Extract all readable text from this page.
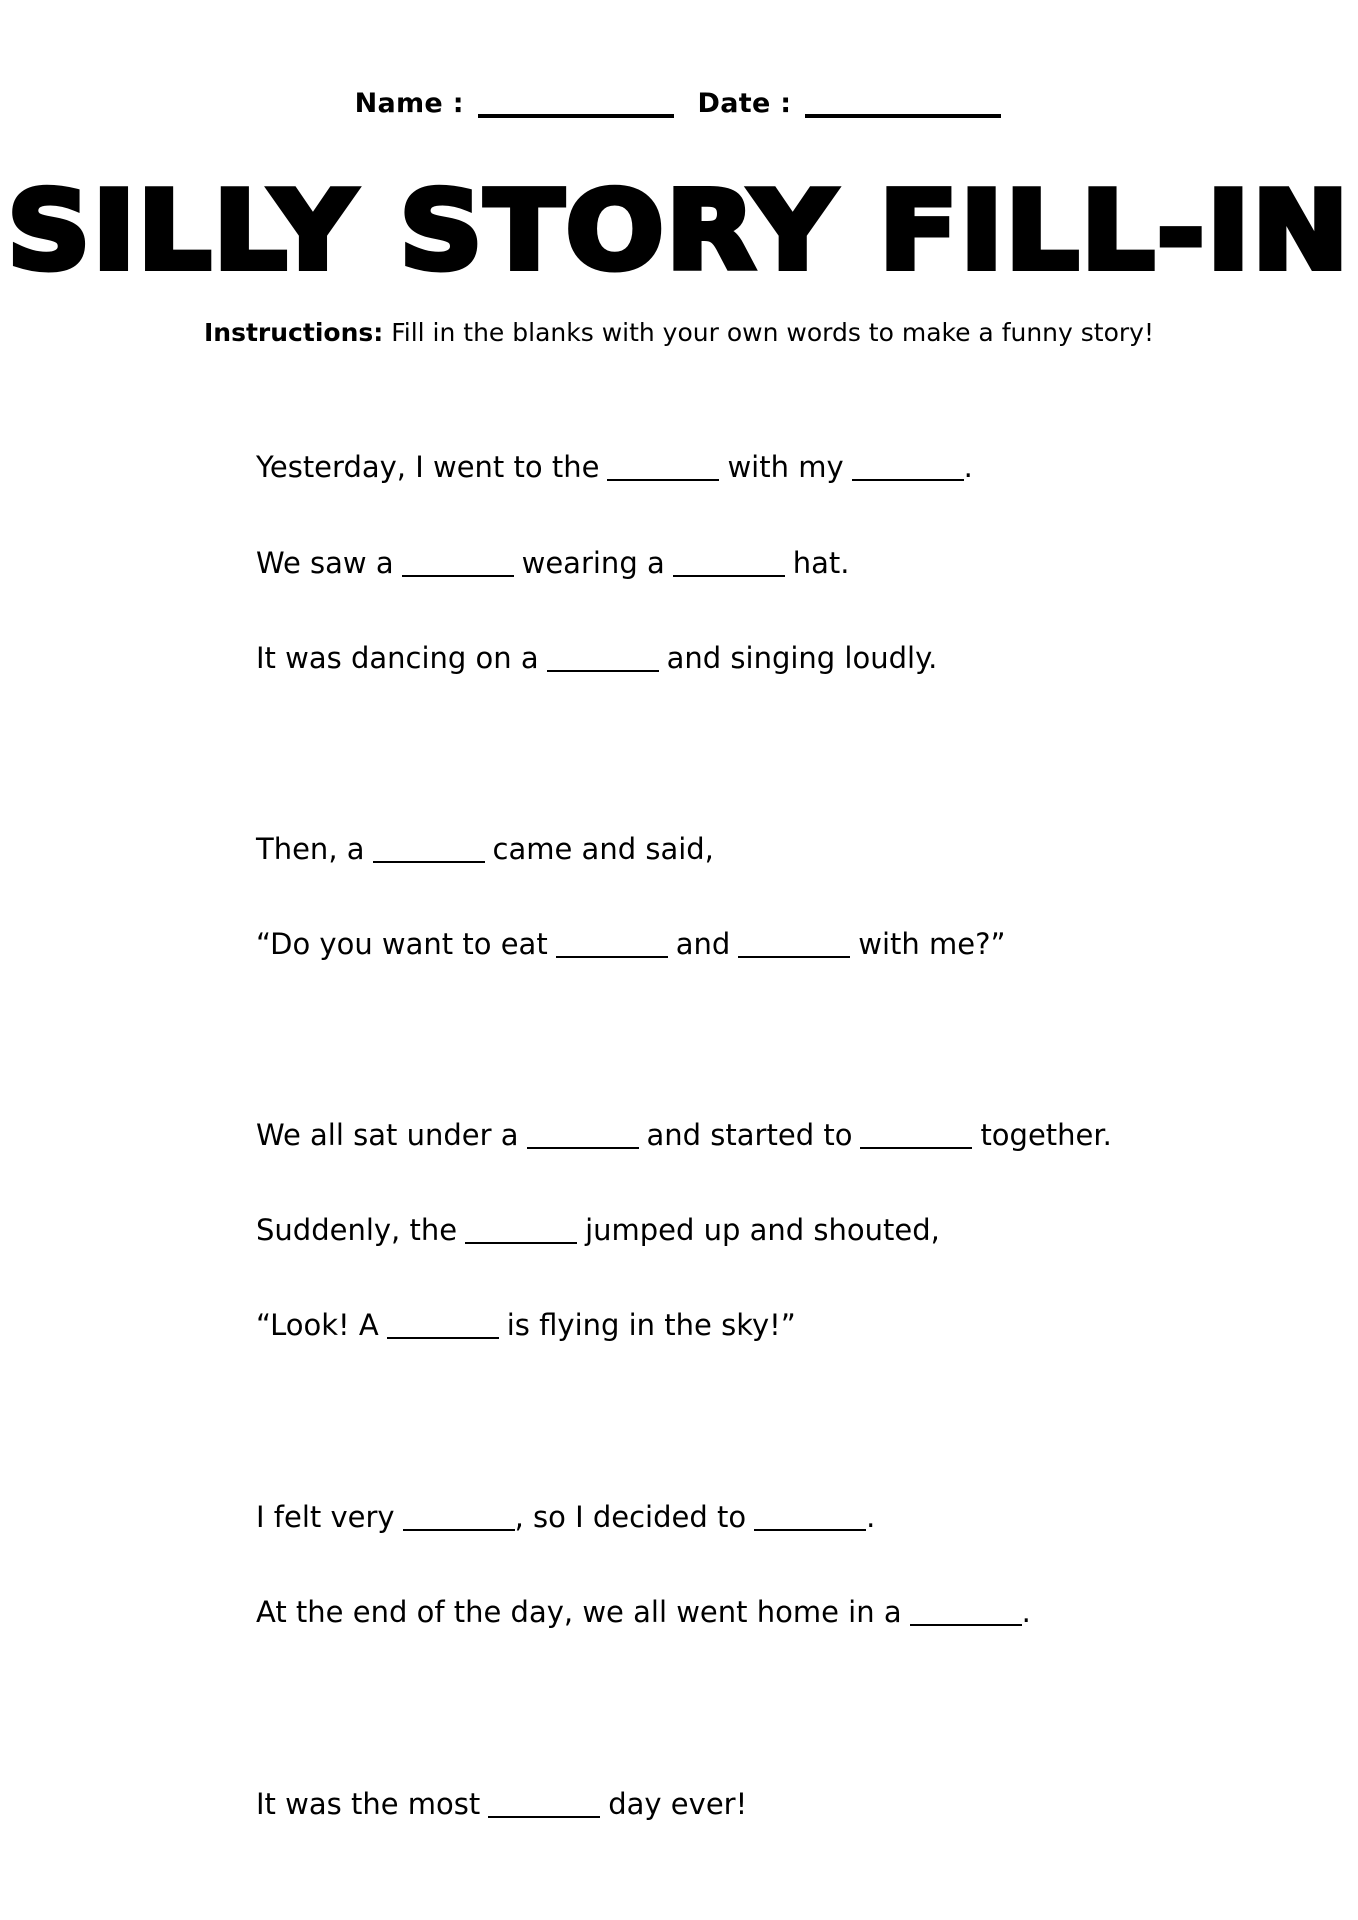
Name :	Date :
SILLY STORY FILL-IN
Instructions: Fill in the blanks with your own words to make a funny story!
Yesterday, I went to the	with my	.
We saw a	wearing a	hat.
It was dancing on a	and singing loudly.
Then, a	came and said,
“Do you want to eat	and	with me?”
We all sat under a	and started to	together.
Suddenly, the	jumped up and shouted,
“Look! A	is flying in the sky!”
I felt very	, so I decided to	.
At the end of the day, we all went home in a	.
It was the most	day ever!
